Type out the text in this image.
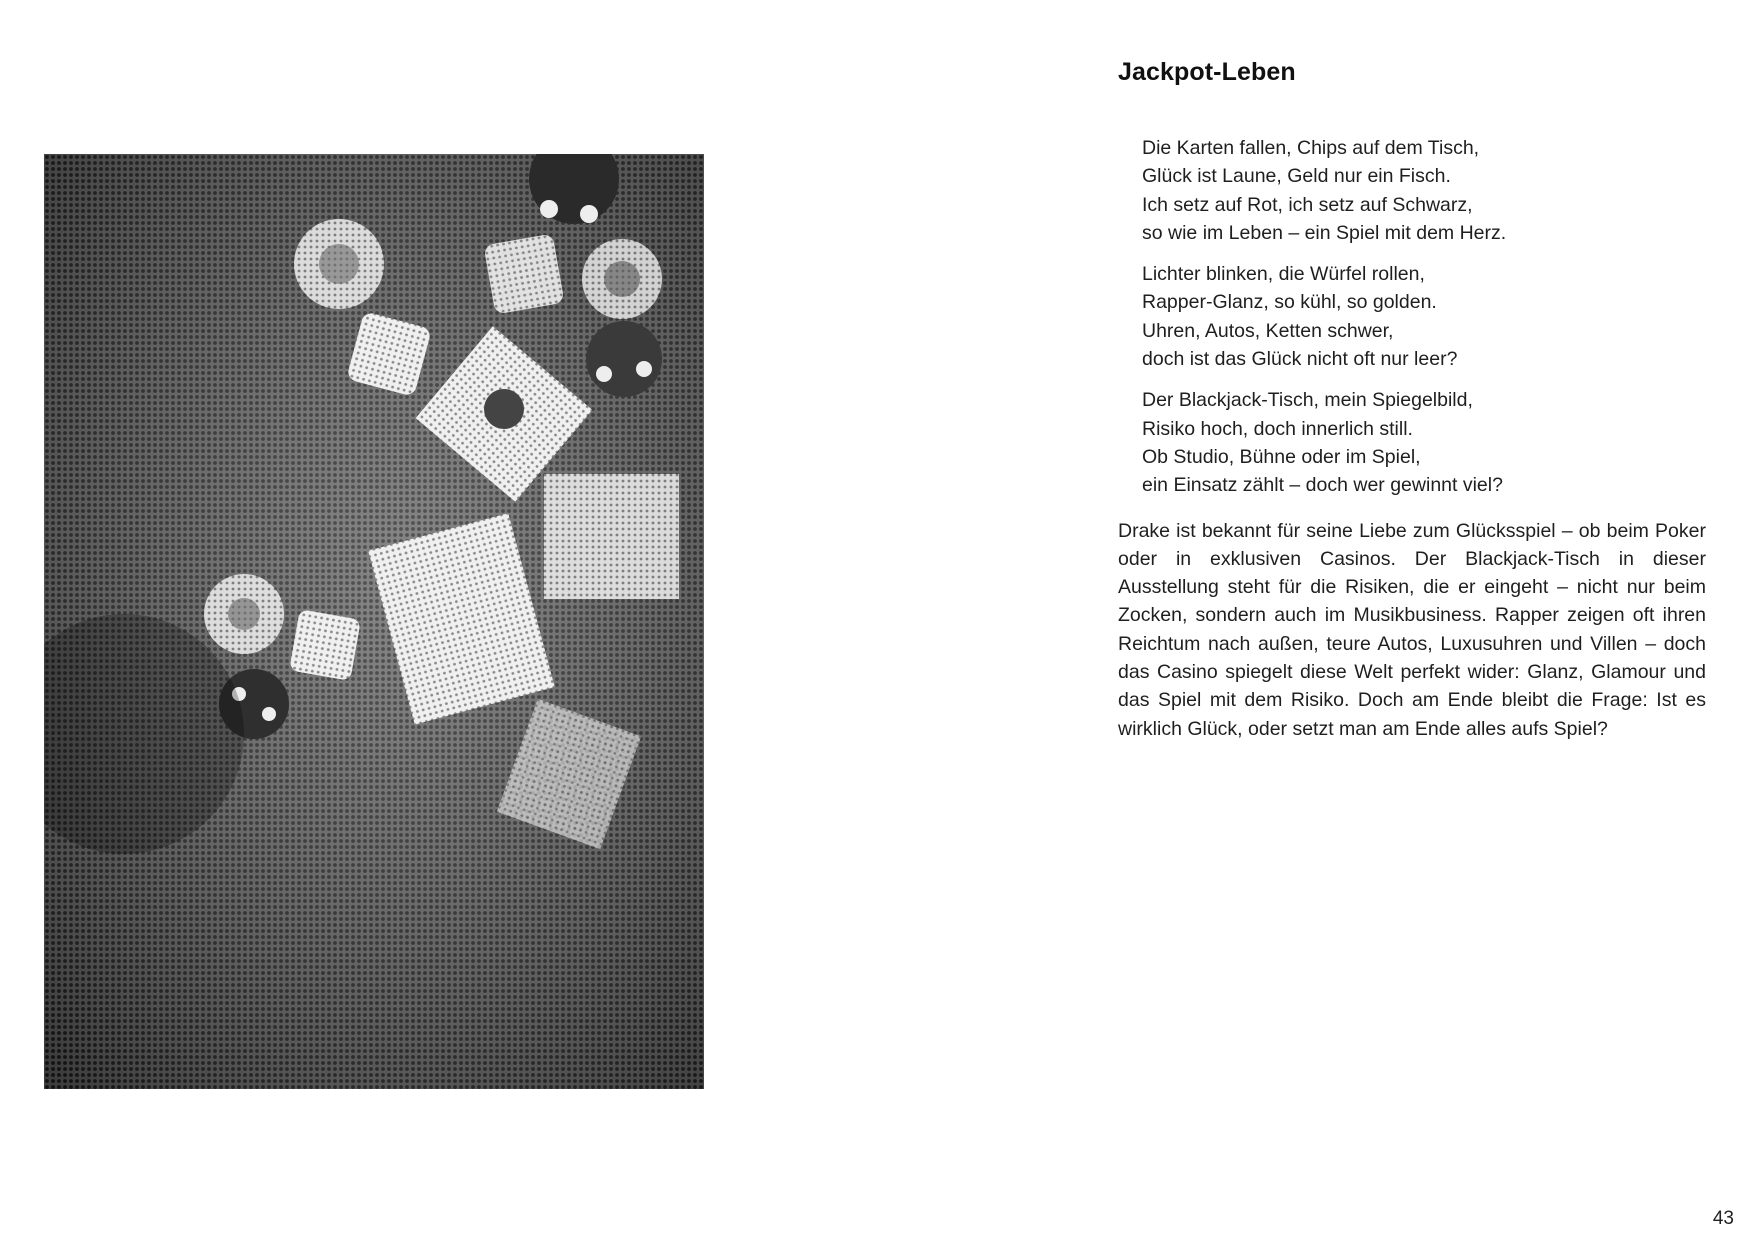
Jackpot-Leben
Die Karten fallen, Chips auf dem Tisch,
Glück ist Laune, Geld nur ein Fisch.
Ich setz auf Rot, ich setz auf Schwarz,
so wie im Leben – ein Spiel mit dem Herz.
Lichter blinken, die Würfel rollen,
Rapper-Glanz, so kühl, so golden.
Uhren, Autos, Ketten schwer,
doch ist das Glück nicht oft nur leer?
Der Blackjack-Tisch, mein Spiegelbild,
Risiko hoch, doch innerlich still.
Ob Studio, Bühne oder im Spiel,
ein Einsatz zählt – doch wer gewinnt viel?

Drake ist bekannt für seine Liebe zum Glücksspiel – ob beim Poker oder in exklusiven Casinos. Der Blackjack-Tisch in dieser Ausstellung steht für die Risiken, die er eingeht – nicht nur beim Zocken, sondern auch im Musikbusiness. Rapper zeigen oft ihren Reichtum nach außen, teure Autos, Luxusuhren und Villen – doch das Casino spiegelt diese Welt perfekt wider: Glanz, Glamour und das Spiel mit dem Risiko. Doch am Ende bleibt die Frage: Ist es wirklich Glück, oder setzt man am Ende alles aufs Spiel?

43
